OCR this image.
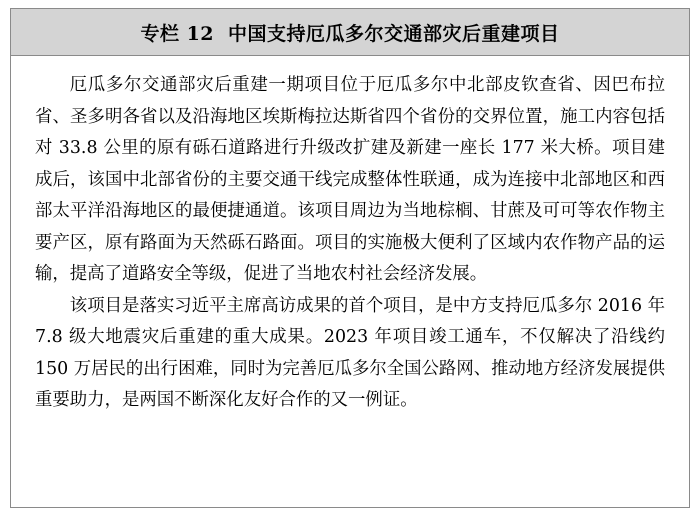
专栏 12 中国支持厄瓜多尔交通部灾后重建项目

厄瓜多尔交通部灾后重建一期项目位于厄瓜多尔中北部皮钦查省、因巴布拉省、圣多明各省以及沿海地区埃斯梅拉达斯省四个省份的交界位置，施工内容包括对 33.8 公里的原有砾石道路进行升级改扩建及新建一座长 177 米大桥。项目建成后，该国中北部省份的主要交通干线完成整体性联通，成为连接中北部地区和西部太平洋沿海地区的最便捷通道。该项目周边为当地棕榈、甘蔗及可可等农作物主要产区，原有路面为天然砾石路面。项目的实施极大便利了区域内农作物产品的运输，提高了道路安全等级，促进了当地农村社会经济发展。

该项目是落实习近平主席高访成果的首个项目，是中方支持厄瓜多尔 2016 年 7.8 级大地震灾后重建的重大成果。2023 年项目竣工通车，不仅解决了沿线约 150 万居民的出行困难，同时为完善厄瓜多尔全国公路网、推动地方经济发展提供重要助力，是两国不断深化友好合作的又一例证。
